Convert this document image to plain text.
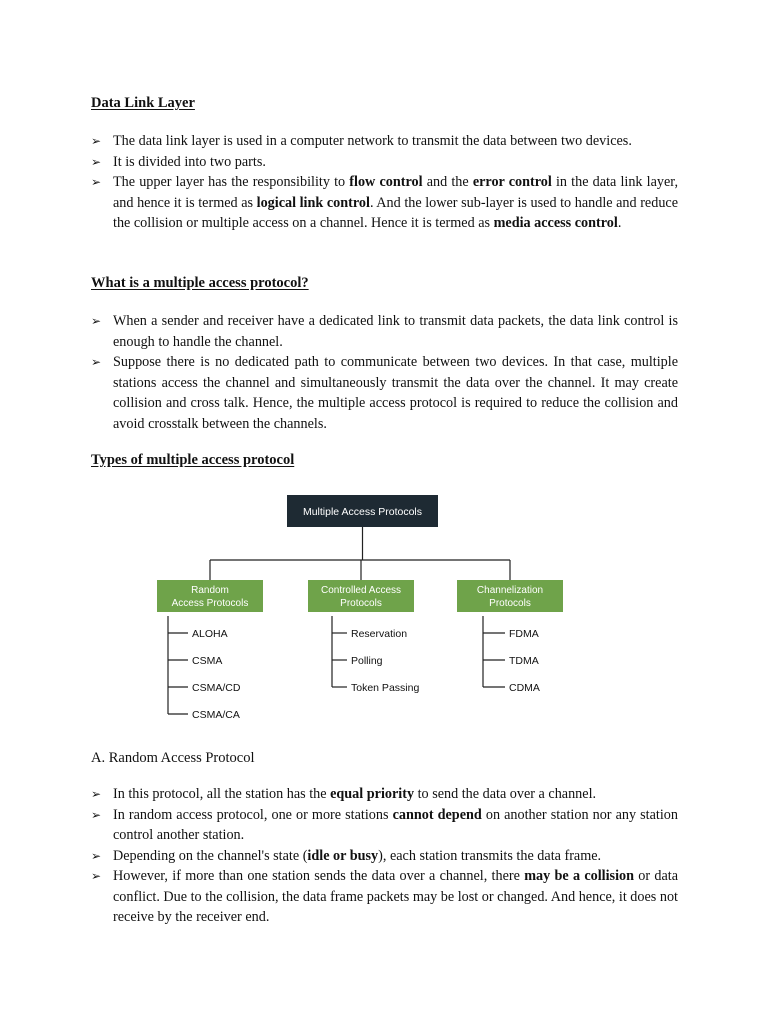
Data Link Layer
➢ The data link layer is used in a computer network to transmit the data between two devices.
➢ It is divided into two parts.
➢ The upper layer has the responsibility to flow control and the error control in the data link layer, and hence it is termed as logical link control. And the lower sub-layer is used to handle and reduce the collision or multiple access on a channel. Hence it is termed as media access control.
What is a multiple access protocol?
➢ When a sender and receiver have a dedicated link to transmit data packets, the data link control is enough to handle the channel.
➢ Suppose there is no dedicated path to communicate between two devices. In that case, multiple stations access the channel and simultaneously transmit the data over the channel. It may create collision and cross talk. Hence, the multiple access protocol is required to reduce the collision and avoid crosstalk between the channels.
Types of multiple access protocol
Multiple Access Protocols
Random
Access Protocols
ALOHA
CSMA
CSMA/CD
CSMA/CA
Controlled Access
Protocols
Reservation
Polling
Token Passing
Channelization
Protocols
FDMA
TDMA
CDMA

A. Random Access Protocol

➢ In this protocol, all the station has the equal priority to send the data over a channel.
➢ In random access protocol, one or more stations cannot depend on another station nor any station control another station.
➢ Depending on the channel's state (idle or busy), each station transmits the data frame.
➢ However, if more than one station sends the data over a channel, there may be a collision or data conflict. Due to the collision, the data frame packets may be lost or changed. And hence, it does not receive by the receiver end.
